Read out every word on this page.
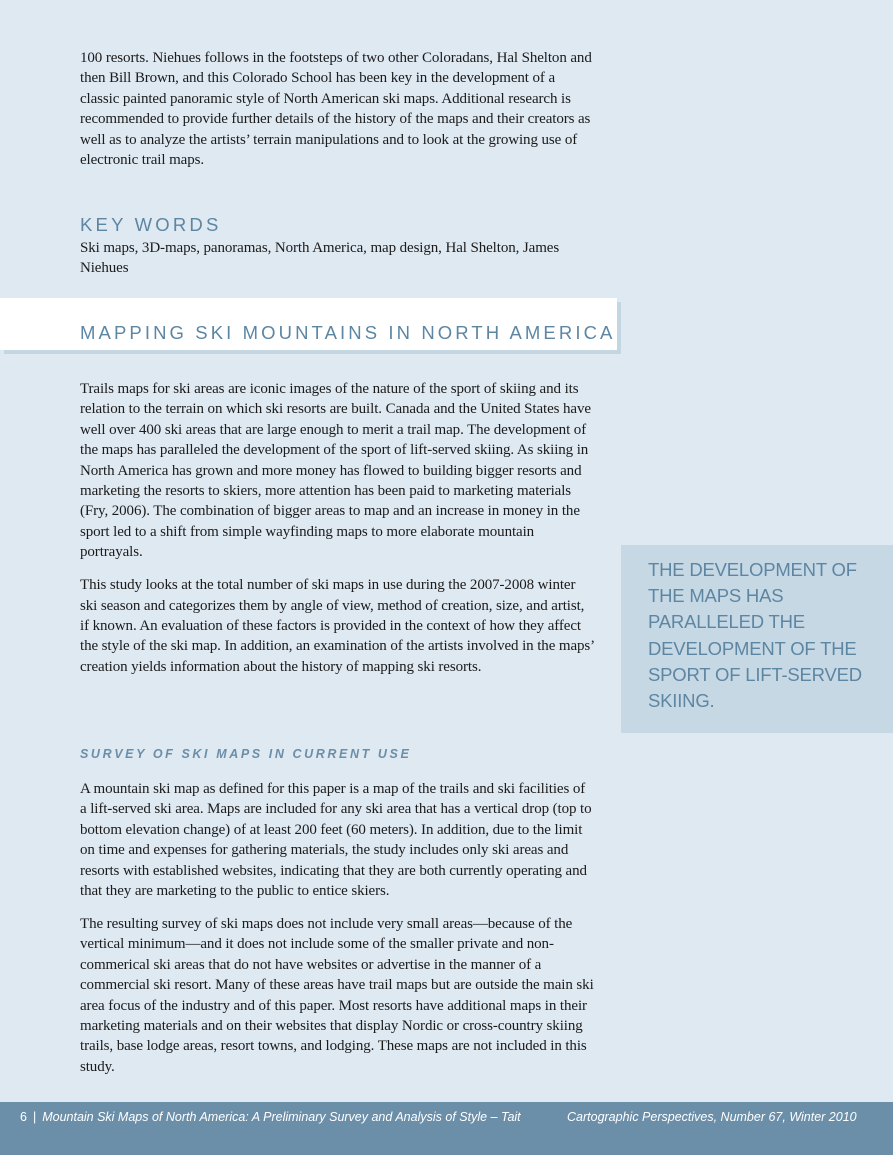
100 resorts. Niehues follows in the footsteps of two other Coloradans, Hal Shelton and then Bill Brown, and this Colorado School has been key in the development of a classic painted panoramic style of North American ski maps. Additional research is recommended to provide further details of the history of the maps and their creators as well as to analyze the artists’ terrain manipulations and to look at the growing use of electronic trail maps.

KEY WORDS

Ski maps, 3D-maps, panoramas, North America, map design, Hal Shelton, James Niehues

MAPPING SKI MOUNTAINS IN NORTH AMERICA

Trails maps for ski areas are iconic images of the nature of the sport of skiing and its relation to the terrain on which ski resorts are built. Canada and the United States have well over 400 ski areas that are large enough to merit a trail map. The development of the maps has paralleled the development of the sport of lift-served skiing. As skiing in North America has grown and more money has flowed to building bigger resorts and marketing the resorts to skiers, more attention has been paid to marketing materials (Fry, 2006). The combination of bigger areas to map and an increase in money in the sport led to a shift from simple wayfinding maps to more elaborate mountain portrayals.

This study looks at the total number of ski maps in use during the 2007-2008 winter ski season and categorizes them by angle of view, method of creation, size, and artist, if known. An evaluation of these factors is provided in the context of how they affect the style of the ski map. In addition, an examination of the artists involved in the maps’ creation yields information about the history of mapping ski resorts.

SURVEY OF SKI MAPS IN CURRENT USE

A mountain ski map as defined for this paper is a map of the trails and ski facilities of a lift-served ski area. Maps are included for any ski area that has a vertical drop (top to bottom elevation change) of at least 200 feet (60 meters). In addition, due to the limit on time and expenses for gathering materials, the study includes only ski areas and resorts with established websites, indicating that they are both currently operating and that they are marketing to the public to entice skiers.

The resulting survey of ski maps does not include very small areas—because of the vertical minimum—and it does not include some of the smaller private and non-commerical ski areas that do not have websites or advertise in the manner of a commercial ski resort. Many of these areas have trail maps but are outside the main ski area focus of the industry and of this paper. Most resorts have additional maps in their marketing materials and on their websites that display Nordic or cross-country skiing trails, base lodge areas, resort towns, and lodging. These maps are not included in this study.

THE DEVELOPMENT OF THE MAPS HAS PARALLELED THE DEVELOPMENT OF THE SPORT OF LIFT-SERVED SKIING.

6 | Mountain Ski Maps of North America: A Preliminary Survey and Analysis of Style – Tait	Cartographic Perspectives, Number 67, Winter 2010
